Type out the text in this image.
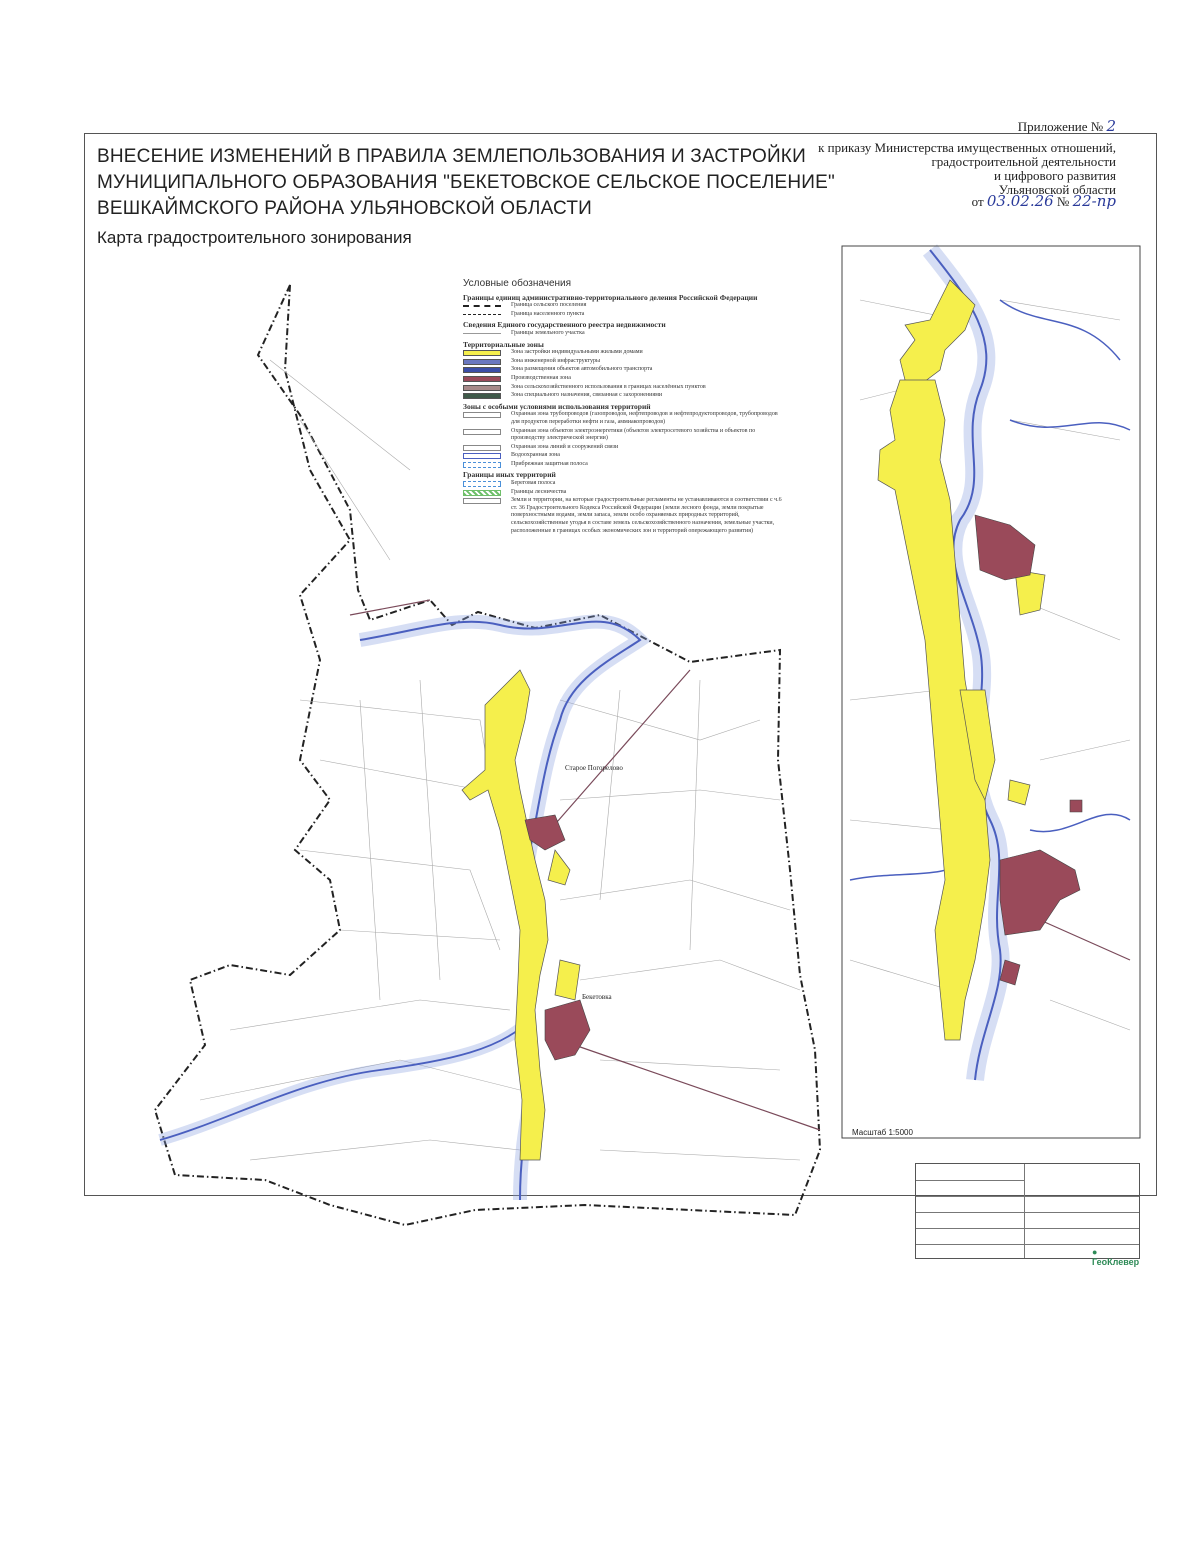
ВНЕСЕНИЕ ИЗМЕНЕНИЙ В ПРАВИЛА ЗЕМЛЕПОЛЬЗОВАНИЯ И ЗАСТРОЙКИ
МУНИЦИПАЛЬНОГО ОБРАЗОВАНИЯ "БЕКЕТОВСКОЕ СЕЛЬСКОЕ ПОСЕЛЕНИЕ"
ВЕШКАЙМСКОГО РАЙОНА УЛЬЯНОВСКОЙ ОБЛАСТИ
Карта градостроительного зонирования
Приложение № 2
к приказу Министерства имущественных отношений,
градостроительной деятельности
и цифрового развития
Ульяновской области
от 03.02.26 № 22-пр
Условные обозначения
Границы единиц административно-территориального деления Российской Федерации
Граница сельского поселения
Граница населенного пункта
Сведения Единого государственного реестра недвижимости
Границы земельного участка
Территориальные зоны
Зона застройки индивидуальными жилыми домами
Зона инженерной инфраструктуры
Зона размещения объектов автомобильного транспорта
Производственная зона
Зона сельскохозяйственного использования в границах населённых пунктов
Зона специального назначения, связанная с захоронениями
Зоны с особыми условиями использования территорий
Охранная зона трубопроводов (газопроводов, нефтепроводов и нефтепродуктопроводов, трубопроводов для продуктов переработки нефти и газа, аммиакопроводов)
Охранная зона объектов электроэнергетики (объектов электросетевого хозяйства и объектов по производству электрической энергии)
Охранная зона линий и сооружений связи
Водоохранная зона
Прибрежная защитная полоса
Границы иных территорий
Береговая полоса
Границы лесничества
Земли и территории, на которые градостроительные регламенты не устанавливаются в соответствии с ч.6 ст. 36 Градостроительного Кодекса Российской Федерации (земли лесного фонда, земли покрытые поверхностными водами, земли запаса, земли особо охраняемых природных территорий, сельскохозяйственные угодья в составе земель сельскохозяйственного назначения, земельные участки, расположенные в границах особых экономических зон и территорий опережающего развития)
Старое Погорелово
Бекетовка
Масштаб 1:5000
● ГеоКлевер
